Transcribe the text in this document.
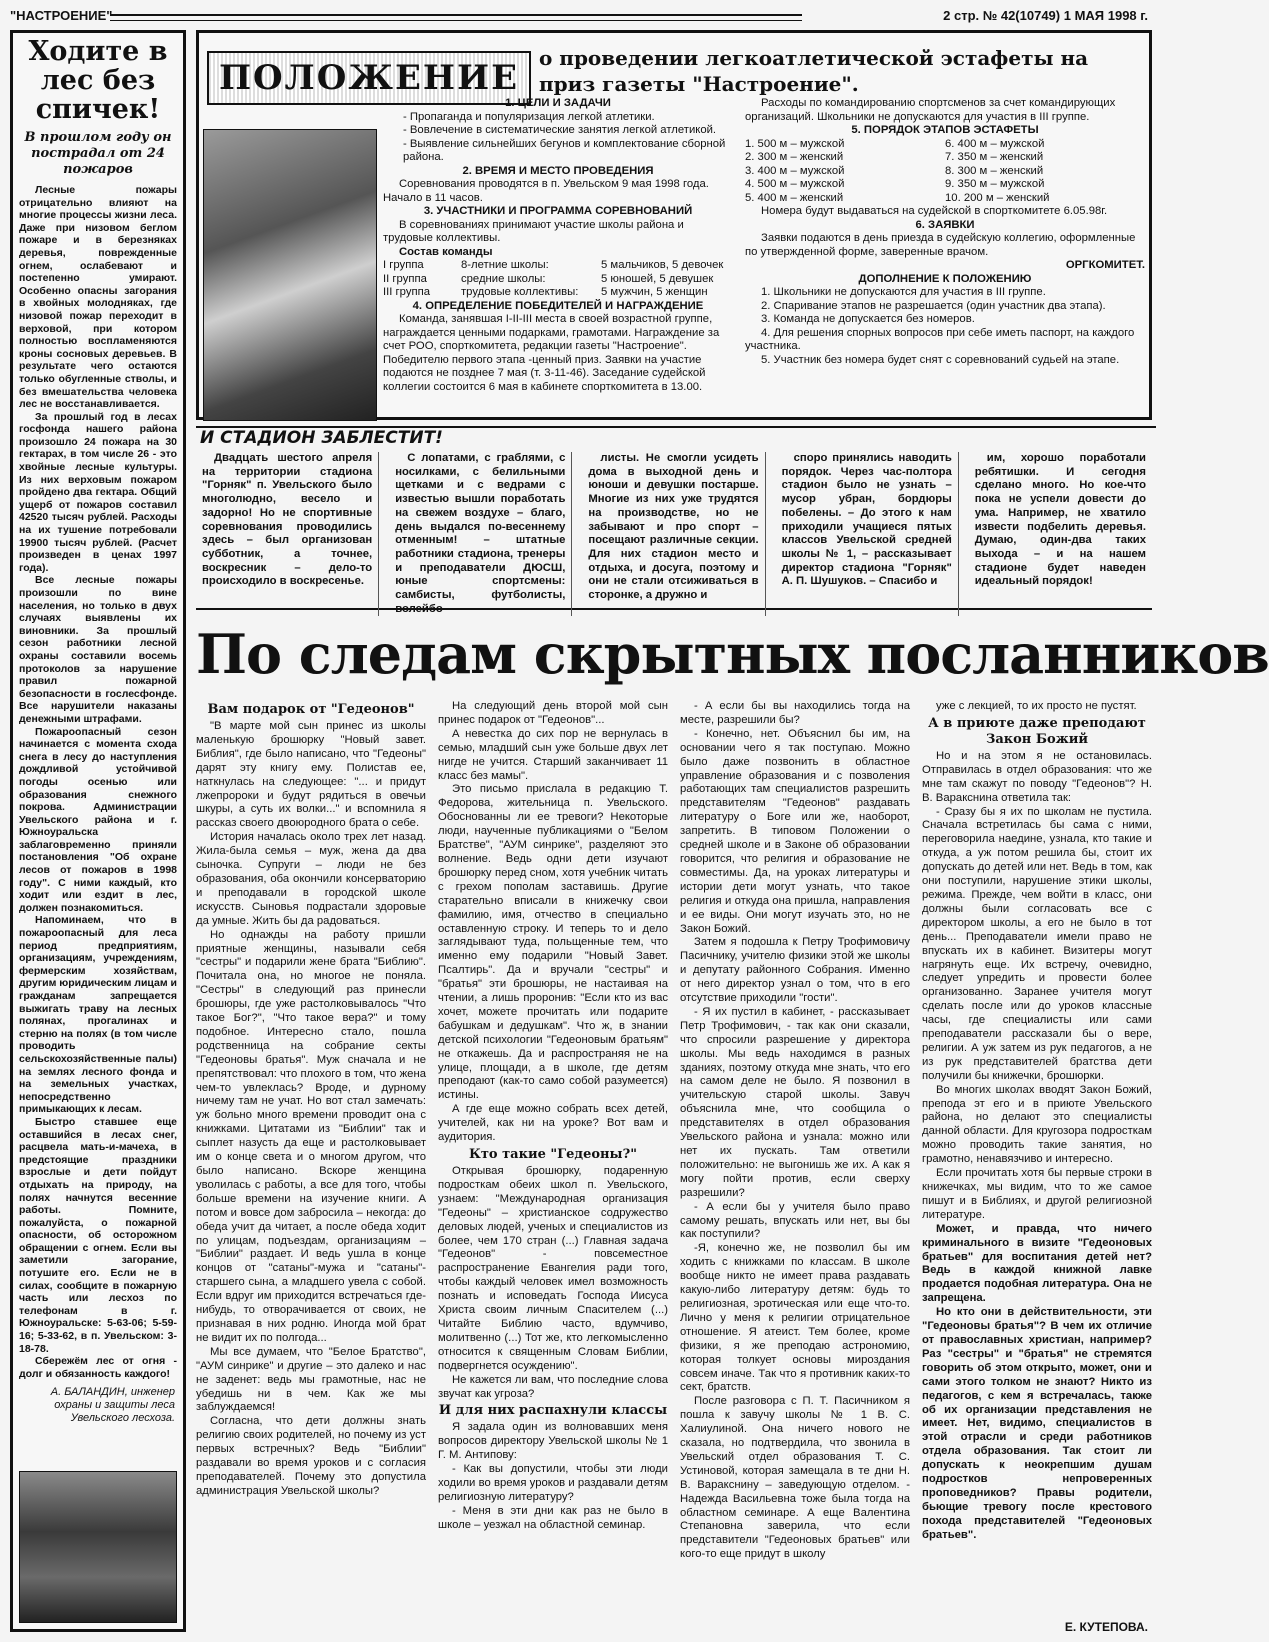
"НАСТРОЕНИЕ"	2 стр. № 42(10749) 1 МАЯ 1998 г.
Ходите в лес без спичек!
В прошлом году он пострадал от 24 пожаров

Лесные пожары отрицательно влияют на многие процессы жизни леса. Даже при низовом беглом пожаре и в березняках деревья, поврежденные огнем, ослабевают и постепенно умирают. Особенно опасны загорания в хвойных молодняках, где низовой пожар переходит в верховой, при котором полностью воспламеняются кроны сосновых деревьев. В результате чего остаются только обугленные стволы, и без вмешательства человека лес не восстанавливается.

За прошлый год в лесах госфонда нашего района произошло 24 пожара на 30 гектарах, в том числе 26 - это хвойные лесные культуры. Из них верховым пожаром пройдено два гектара. Общий ущерб от пожаров составил 42520 тысяч рублей. Расходы на их тушение потребовали 19900 тысяч рублей. (Расчет произведен в ценах 1997 года).

Все лесные пожары произошли по вине населения, но только в двух случаях выявлены их виновники. За прошлый сезон работники лесной охраны составили восемь протоколов за нарушение правил пожарной безопасности в гослесфонде. Все нарушители наказаны денежными штрафами.

Пожароопасный сезон начинается с момента схода снега в лесу до наступления дождливой устойчивой погоды осенью или образования снежного покрова. Администрации Увельского района и г. Южноуральска заблаговременно приняли постановления "Об охране лесов от пожаров в 1998 году". С ними каждый, кто ходит или ездит в лес, должен познакомиться.

Напоминаем, что в пожароопасный для леса период предприятиям, организациям, учреждениям, фермерским хозяйствам, другим юридическим лицам и гражданам запрещается выжигать траву на лесных полянах, прогалинах и стерню на полях (в том числе проводить сельскохозяйственные палы) на землях лесного фонда и на земельных участках, непосредственно примыкающих к лесам.

Быстро ставшее еще оставшийся в лесах снег, расцвела мать-и-мачеха, в предстоящие праздники взрослые и дети пойдут отдыхать на природу, на полях начнутся весенние работы. Помните, пожалуйста, о пожарной опасности, об осторожном обращении с огнем. Если вы заметили загорание, потушите его. Если не в силах, сообщите в пожарную часть или лесхоз по телефонам в г. Южноуральске: 5-63-06; 5-59-16; 5-33-62, в п. Увельском: 3-18-78.

Сбережём лес от огня - долг и обязанность каждого!

А. БАЛАНДИН, инженер охраны и защиты леса Увельского лесхоза.
ПОЛОЖЕНИЕ о проведении легкоатлетической эстафеты на приз газеты "Настроение".

1. ЦЕЛИ И ЗАДАЧИ

- Пропаганда и популяризация легкой атлетики.

- Вовлечение в систематические занятия легкой атлетикой.

- Выявление сильнейших бегунов и комплектование сборной района.

2. ВРЕМЯ И МЕСТО ПРОВЕДЕНИЯ

Соревнования проводятся в п. Увельском 9 мая 1998 года. Начало в 11 часов.

3. УЧАСТНИКИ И ПРОГРАММА СОРЕВНОВАНИЙ

В соревнованиях принимают участие школы района и трудовые коллективы.

Состав команды

I группа	8-летние школы:	5 мальчиков, 5 девочек
II группа	средние школы:	5 юношей, 5 девушек
III группа	трудовые коллективы:	5 мужчин, 5 женщин

4. ОПРЕДЕЛЕНИЕ ПОБЕДИТЕЛЕЙ И НАГРАЖДЕНИЕ

Команда, занявшая I-II-III места в своей возрастной группе, награждается ценными подарками, грамотами. Награждение за счет РОО, спорткомитета, редакции газеты "Настроение". Победителю первого этапа -ценный приз. Заявки на участие подаются не позднее 7 мая (т. 3-11-46). Заседание судейской коллегии состоится 6 мая в кабинете спорткомитета в 13.00.

Расходы по командированию спортсменов за счет командирующих организаций. Школьники не допускаются для участия в III группе.

5. ПОРЯДОК ЭТАПОВ ЭСТАФЕТЫ

1. 500 м – мужской	6. 400 м – мужской
2. 300 м – женский	7. 350 м – женский
3. 400 м – мужской	8. 300 м – женский
4. 500 м – мужской	9. 350 м – мужской
5. 400 м – женский	10. 200 м – женский

Номера будут выдаваться на судейской в спорткомитете 6.05.98г.

6. ЗАЯВКИ

Заявки подаются в день приезда в судейскую коллегию, оформленные по утвержденной форме, заверенные врачом.

ОРГКОМИТЕТ.

ДОПОЛНЕНИЕ К ПОЛОЖЕНИЮ

1. Школьники не допускаются для участия в III группе.

2. Спаривание этапов не разрешается (один участник два этапа).

3. Команда не допускается без номеров.

4. Для решения спорных вопросов при себе иметь паспорт, на каждого участника.

5. Участник без номера будет снят с соревнований судьей на этапе.

И СТАДИОН ЗАБЛЕСТИТ!

Двадцать шестого апреля на территории стадиона "Горняк" п. Увельского было многолюдно, весело и задорно! Но не спортивные соревнования проводились здесь – был организован субботник, а точнее, воскресник – дело-то происходило в воскресенье.

С лопатами, с граблями, с носилками, с белильными щетками и с ведрами с известью вышли поработать на свежем воздухе – благо, день выдался по-весеннему отменным! – штатные работники стадиона, тренеры и преподаватели ДЮСШ, юные спортсмены: самбисты, футболисты, волейбо-

листы. Не смогли усидеть дома в выходной день и юноши и девушки постарше. Многие из них уже трудятся на производстве, но не забывают и про спорт – посещают различные секции. Для них стадион место и отдыха, и досуга, поэтому и они не стали отсиживаться в сторонке, а дружно и

споро принялись наводить порядок. Через час-полтора стадион было не узнать – мусор убран, бордюры побелены. – До этого к нам приходили учащиеся пятых классов Увельской средней школы № 1, – рассказывает директор стадиона "Горняк" А. П. Шушуков. – Спасибо и

им, хорошо поработали ребятишки. И сегодня сделано много. Но кое-что пока не успели довести до ума. Например, не хватило извести подбелить деревья. Думаю, один-два таких выхода – и на нашем стадионе будет наведен идеальный порядок!

По следам скрытных посланников

Вам подарок от "Гедеонов"

"В марте мой сын принес из школы маленькую брошюрку "Новый завет. Библия", где было написано, что "Гедеоны" дарят эту книгу ему. Полистав ее, наткнулась на следующее: "... и придут лжепророки и будут рядиться в овечьи шкуры, а суть их волки..." и вспомнила я рассказ своего двоюродного брата о себе.

История началась около трех лет назад. Жила-была семья – муж, жена да два сыночка. Супруги – люди не без образования, оба окончили консерваторию и преподавали в городской школе искусств. Сыновья подрастали здоровые да умные. Жить бы да радоваться.

Но однажды на работу пришли приятные женщины, называли себя "сестры" и подарили жене брата "Библию". Почитала она, но многое не поняла. "Сестры" в следующий раз принесли брошюры, где уже растолковывалось "Что такое Бог?", "Что такое вера?" и тому подобное. Интересно стало, пошла родственница на собрание секты "Гедеоновы братья". Муж сначала и не препятствовал: что плохого в том, что жена чем-то увлеклась? Вроде, и дурному ничему там не учат. Но вот стал замечать: уж больно много времени проводит она с книжками. Цитатами из "Библии" так и сыплет назусть да еще и растолковывает им о конце света и о многом другом, что было написано. Вскоре женщина уволилась с работы, а все для того, чтобы больше времени на изучение книги. А потом и вовсе дом забросила – некогда: до обеда учит да читает, а после обеда ходит по улицам, подъездам, организациям – "Библии" раздает. И ведь ушла в конце концов от "сатаны"-мужа и "сатаны"-старшего сына, а младшего увела с собой. Если вдруг им приходится встречаться где-нибудь, то отворачивается от своих, не признавая в них родню. Иногда мой брат не видит их по полгода...

Мы все думаем, что "Белое Братство", "АУМ синрике" и другие – это далеко и нас не заденет: ведь мы грамотные, нас не убедишь ни в чем. Как же мы заблуждаемся!

Согласна, что дети должны знать религию своих родителей, но почему из уст первых встречных? Ведь "Библии" раздавали во время уроков и с согласия преподавателей. Почему это допустила администрация Увельской школы?

На следующий день второй мой сын принес подарок от "Гедеонов"...

А невестка до сих пор не вернулась в семью, младший сын уже больше двух лет нигде не учится. Старший заканчивает 11 класс без мамы".

Это письмо прислала в редакцию Т. Федорова, жительница п. Увельского. Обоснованны ли ее тревоги? Некоторые люди, наученные публикациями о "Белом Братстве", "АУМ синрике", разделяют это волнение. Ведь одни дети изучают брошюрку перед сном, хотя учебник читать с грехом пополам заставишь. Другие старательно вписали в книжечку свои фамилию, имя, отчество в специально оставленную строку. И теперь то и дело заглядывают туда, польщенные тем, что именно ему подарили "Новый Завет. Псалтирь". Да и вручали "сестры" и "братья" эти брошюры, не настаивая на чтении, а лишь проронив: "Если кто из вас хочет, можете прочитать или подарите бабушкам и дедушкам". Что ж, в знании детской психологии "Гедеоновым братьям" не откажешь. Да и распространяя не на улице, площади, а в школе, где детям преподают (как-то само собой разумеется) истины.

А где еще можно собрать всех детей, учителей, как ни на уроке? Вот вам и аудитория.

Кто такие "Гедеоны?"

Открывая брошюрку, подаренную подросткам обеих школ п. Увельского, узнаем: "Международная организация "Гедеоны" – христианское содружество деловых людей, ученых и специалистов из более, чем 170 стран (...) Главная задача "Гедеонов" - повсеместное распространение Евангелия ради того, чтобы каждый человек имел возможность познать и исповедать Господа Иисуса Христа своим личным Спасителем (...) Читайте Библию часто, вдумчиво, молитвенно (...) Тот же, кто легкомысленно относится к священным Словам Библии, подвергнется осуждению".

Не кажется ли вам, что последние слова звучат как угроза?

И для них распахнули классы

Я задала один из волновавших меня вопросов директору Увельской школы № 1 Г. М. Антипову:

- Как вы допустили, чтобы эти люди ходили во время уроков и раздавали детям религиозную литературу?

- Меня в эти дни как раз не было в школе – уезжал на областной семинар.

- А если бы вы находились тогда на месте, разрешили бы?

- Конечно, нет. Объяснил бы им, на основании чего я так поступаю. Можно было даже позвонить в областное управление образования и с позволения работающих там специалистов разрешить представителям "Гедеонов" раздавать литературу о Боге или же, наоборот, запретить. В типовом Положении о средней школе и в Законе об образовании говорится, что религия и образование не совместимы. Да, на уроках литературы и истории дети могут узнать, что такое религия и откуда она пришла, направления и ее виды. Они могут изучать это, но не Закон Божий.

Затем я подошла к Петру Трофимовичу Пасичнику, учителю физики этой же школы и депутату районного Собрания. Именно от него директор узнал о том, что в его отсутствие приходили "гости".

- Я их пустил в кабинет, - рассказывает Петр Трофимович, - так как они сказали, что спросили разрешение у директора школы. Мы ведь находимся в разных зданиях, поэтому откуда мне знать, что его на самом деле не было. Я позвонил в учительскую старой школы. Завуч объяснила мне, что сообщила о представителях в отдел образования Увельского района и узнала: можно или нет их пускать. Там ответили положительно: не выгонишь же их. А как я могу пойти против, если сверху разрешили?

- А если бы у учителя было право самому решать, впускать или нет, вы бы как поступили?

-Я, конечно же, не позволил бы им ходить с книжками по классам. В школе вообще никто не имеет права раздавать какую-либо литературу детям: будь то религиозная, эротическая или еще что-то. Лично у меня к религии отрицательное отношение. Я атеист. Тем более, кроме физики, я же преподаю астрономию, которая толкует основы мироздания совсем иначе. Так что я противник каких-то сект, братств.

После разговора с П. Т. Пасичником я пошла к завучу школы № 1 В. С. Халиулиной. Она ничего нового не сказала, но подтвердила, что звонила в Увельский отдел образования Т. С. Устиновой, которая замещала в те дни Н. В. Варакснину – заведующую отделом. - Надежда Васильевна тоже была тогда на областном семинаре. А еще Валентина Степановна заверила, что если представители "Гедеоновых братьев" или кого-то еще придут в школу

уже с лекцией, то их просто не пустят.

А в приюте даже преподают Закон Божий

Но и на этом я не остановилась. Отправилась в отдел образования: что же мне там скажут по поводу "Гедеонов"? Н. В. Варакснина ответила так:

- Сразу бы я их по школам не пустила. Сначала встретилась бы сама с ними, переговорила наедине, узнала, кто такие и откуда, а уж потом решила бы, стоит их допускать до детей или нет. Ведь в том, как они поступили, нарушение этики школы, режима. Прежде, чем войти в класс, они должны были согласовать все с директором школы, а его не было в тот день... Преподаватели имели право не впускать их в кабинет. Визитеры могут нагрянуть еще. Их встречу, очевидно, следует упредить и провести более организованно. Заранее учителя могут сделать после или до уроков классные часы, где специалисты или сами преподаватели рассказали бы о вере, религии. А уж затем из рук педагогов, а не из рук представителей братства дети получили бы книжечки, брошюрки.

Во многих школах вводят Закон Божий, препода эт его и в приюте Увельского района, но делают это специалисты данной области. Для кругозора подросткам можно проводить такие занятия, но грамотно, ненавязчиво и интересно.

Если прочитать хотя бы первые строки в книжечках, мы видим, что то же самое пишут и в Библиях, и другой религиозной литературе.

Может, и правда, что ничего криминального в визите "Гедеоновых братьев" для воспитания детей нет? Ведь в каждой книжной лавке продается подобная литература. Она не запрещена.

Но кто они в действительности, эти "Гедеоновы братья"? В чем их отличие от православных христиан, например? Раз "сестры" и "братья" не стремятся говорить об этом открыто, может, они и сами этого толком не знают? Никто из педагогов, с кем я встречалась, также об их организации представления не имеет. Нет, видимо, специалистов в этой отрасли и среди работников отдела образования. Так стоит ли допускать к неокрепшим душам подростков непроверенных проповедников? Правы родители, бьющие тревогу после крестового похода представителей "Гедеоновых братьев".

Е. КУТЕПОВА.
